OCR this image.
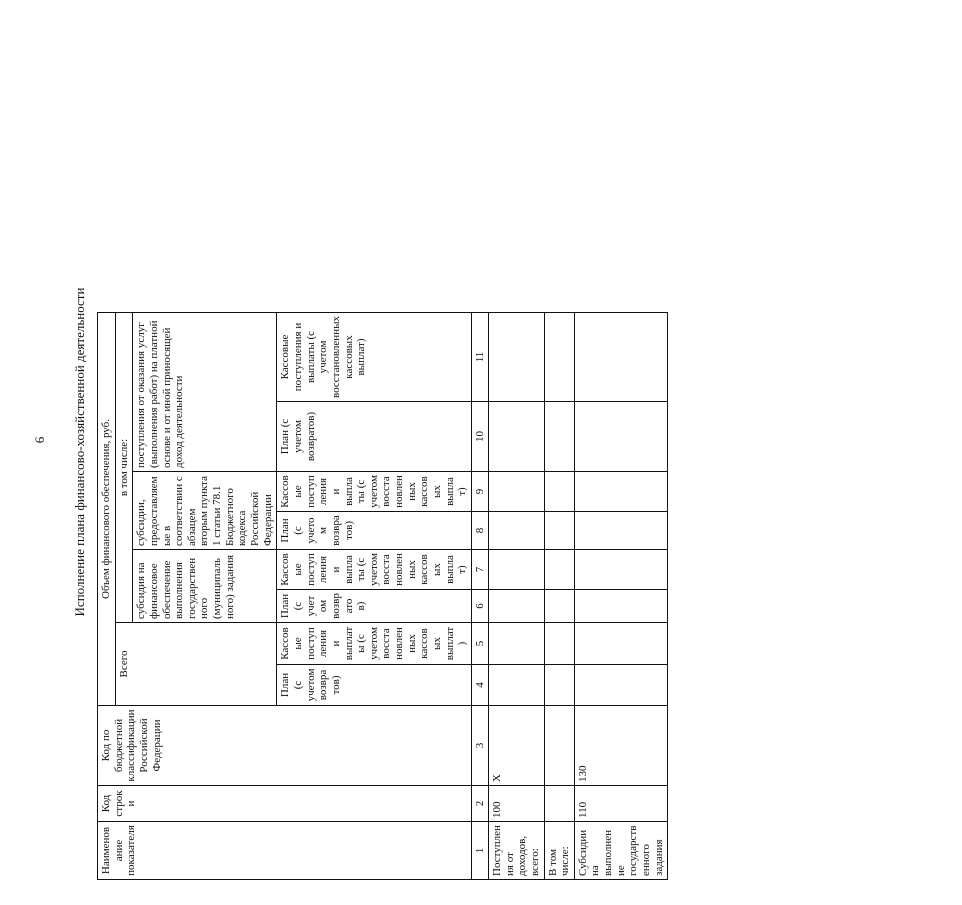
6 Исполнение плана финансово-хозяйственной деятельности
Наименование показателя	Код строки	Код по бюджетной классификации Российской Федерации	Объем финансового обеспечения, руб.							
			Всего		в том числе:					
					субсидия на финансовое обеспечение выполнения государственного (муниципального) задания		субсидии, предоставляемые в соответствии с абзацем вторым пункта 1 статьи 78.1 Бюджетного кодекса Российской Федерации		поступления от оказания услуг (выполнения работ) на платной основе и от иной приносящей доход деятельности	
			План (с учетом возвратов)	Кассовые поступления и выплаты (с учетом восстановленных кассовых выплат)	План (с учетом возврато в)	Кассовые поступления и выплаты (с учетом восстановленных кассовых выплат)	План (с учетом возвратов)	Кассовые поступления и выплаты (с учетом восстановленных кассовых выплат)	План (с учетом возвратов)	Кассовые поступления и выплаты (с учетом восстановленных кассовых выплат)
1	2	3	4	5	6	7	8	9	10	11
Поступления от доходов, всего:	100	X								
В том числе:										
Субсидии на выполнение государственного задания	110	130								
